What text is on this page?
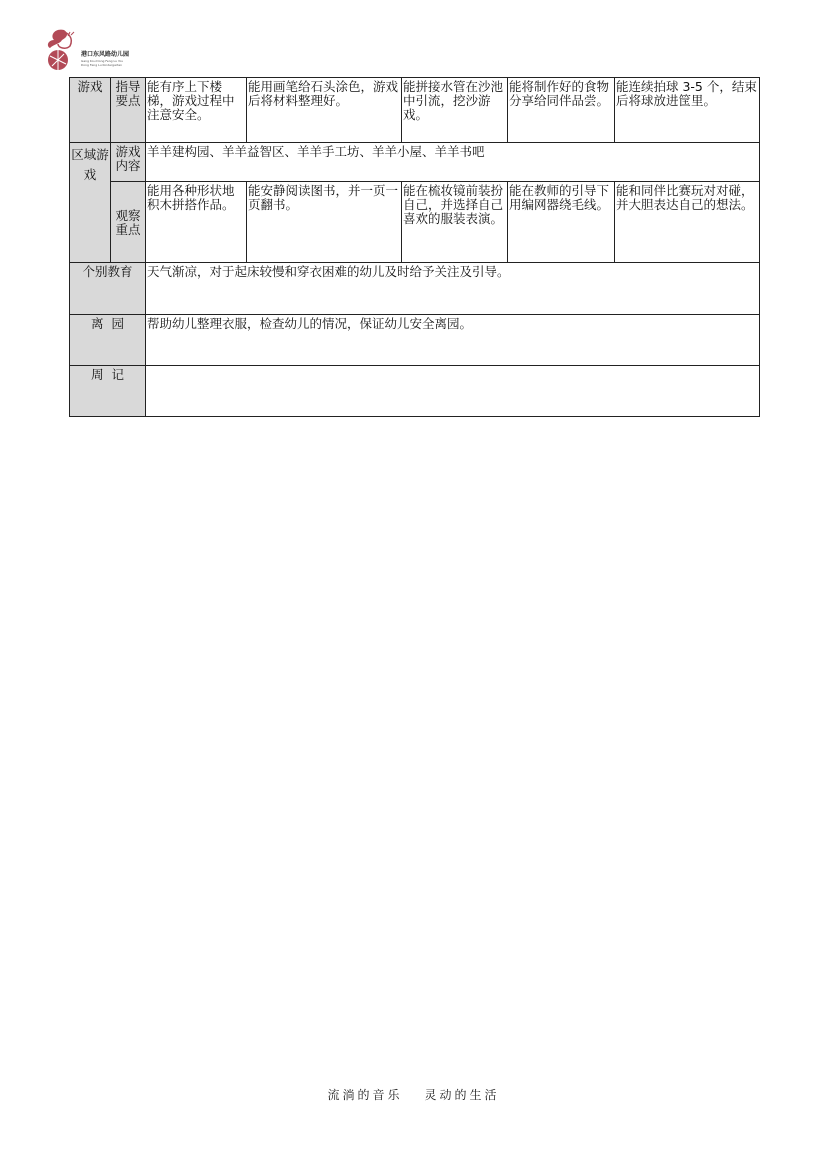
港口东风路幼儿园
Gang Kou Dong Feng Lu You
Dong Feng Lu Kindergarten
游戏	指导要点	能有序上下楼梯，游戏过程中注意安全。	能用画笔给石头涂色，游戏后将材料整理好。	能拼接水管在沙池中引流，挖沙游戏。	能将制作好的食物分享给同伴品尝。	能连续拍球 3-5 个，结束后将球放进筐里。
区域游戏	游戏内容	羊羊建构园、羊羊益智区、羊羊手工坊、羊羊小屋、羊羊书吧				
	观察重点	能用各种形状地积木拼搭作品。	能安静阅读图书，并一页一页翻书。	能在梳妆镜前装扮自己，并选择自己喜欢的服装表演。	能在教师的引导下用编网器绕毛线。	能和同伴比赛玩对对碰，并大胆表达自己的想法。
个别教育		天气渐凉，对于起床较慢和穿衣困难的幼儿及时给予关注及引导。				
离  园		帮助幼儿整理衣服，检查幼儿的情况，保证幼儿安全离园。				
周  记						
流淌的音乐 灵动的生活
